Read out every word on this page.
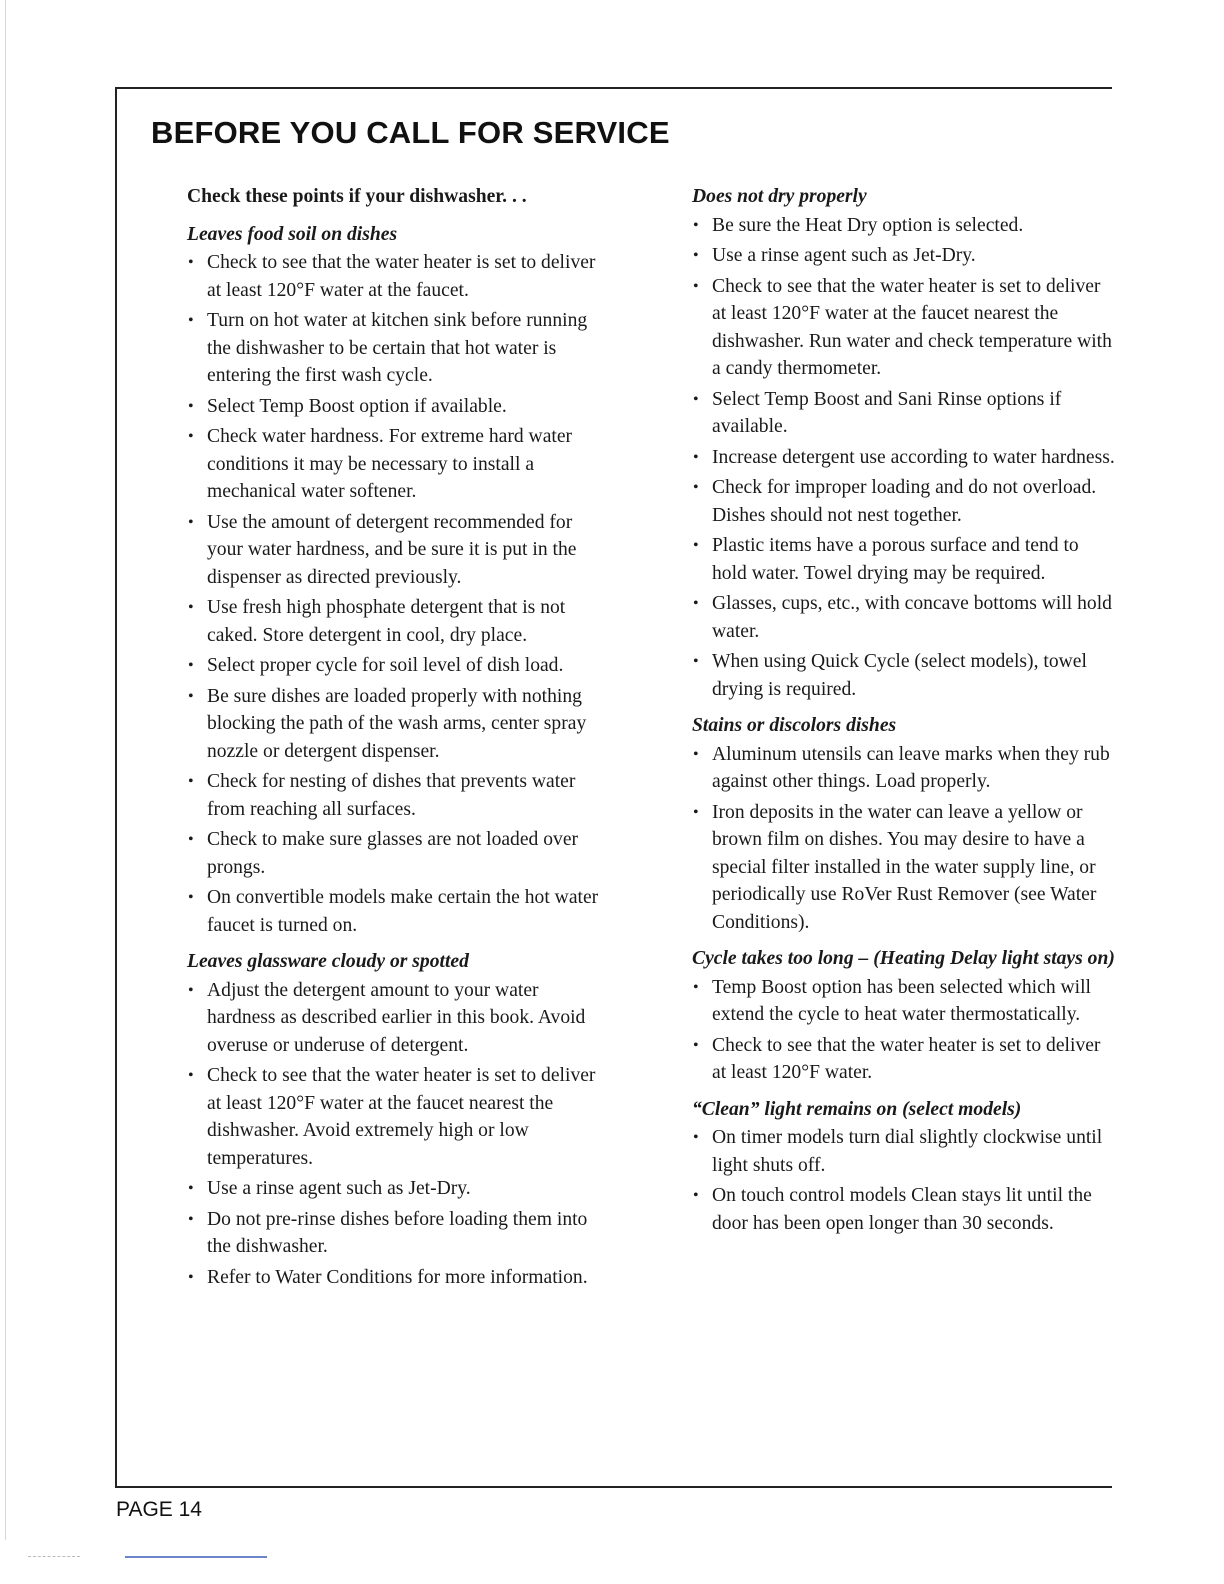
BEFORE YOU CALL FOR SERVICE

Check these points if your dishwasher. . .

Leaves food soil on dishes

• Check to see that the water heater is set to deliver at least 120°F water at the faucet.
• Turn on hot water at kitchen sink before running the dishwasher to be certain that hot water is entering the first wash cycle.
• Select Temp Boost option if available.
• Check water hardness. For extreme hard water conditions it may be necessary to install a mechanical water softener.
• Use the amount of detergent recommended for your water hardness, and be sure it is put in the dispenser as directed previously.
• Use fresh high phosphate detergent that is not caked. Store detergent in cool, dry place.
• Select proper cycle for soil level of dish load.
• Be sure dishes are loaded properly with nothing blocking the path of the wash arms, center spray nozzle or detergent dispenser.
• Check for nesting of dishes that prevents water from reaching all surfaces.
• Check to make sure glasses are not loaded over prongs.
• On convertible models make certain the hot water faucet is turned on.

Leaves glassware cloudy or spotted

• Adjust the detergent amount to your water hardness as described earlier in this book. Avoid overuse or underuse of detergent.
• Check to see that the water heater is set to deliver at least 120°F water at the faucet nearest the dishwasher. Avoid extremely high or low temperatures.
• Use a rinse agent such as Jet-Dry.
• Do not pre-rinse dishes before loading them into the dishwasher.
• Refer to Water Conditions for more information.

Does not dry properly

• Be sure the Heat Dry option is selected.
• Use a rinse agent such as Jet-Dry.
• Check to see that the water heater is set to deliver at least 120°F water at the faucet nearest the dishwasher. Run water and check temperature with a candy thermometer.
• Select Temp Boost and Sani Rinse options if available.
• Increase detergent use according to water hardness.
• Check for improper loading and do not overload. Dishes should not nest together.
• Plastic items have a porous surface and tend to hold water. Towel drying may be required.
• Glasses, cups, etc., with concave bottoms will hold water.
• When using Quick Cycle (select models), towel drying is required.

Stains or discolors dishes

• Aluminum utensils can leave marks when they rub against other things. Load properly.
• Iron deposits in the water can leave a yellow or brown film on dishes. You may desire to have a special filter installed in the water supply line, or periodically use RoVer Rust Remover (see Water Conditions).

Cycle takes too long – (Heating Delay light stays on)

• Temp Boost option has been selected which will extend the cycle to heat water thermostatically.
• Check to see that the water heater is set to deliver at least 120°F water.

“Clean” light remains on (select models)

• On timer models turn dial slightly clockwise until light shuts off.
• On touch control models Clean stays lit until the door has been open longer than 30 seconds.
PAGE 14
